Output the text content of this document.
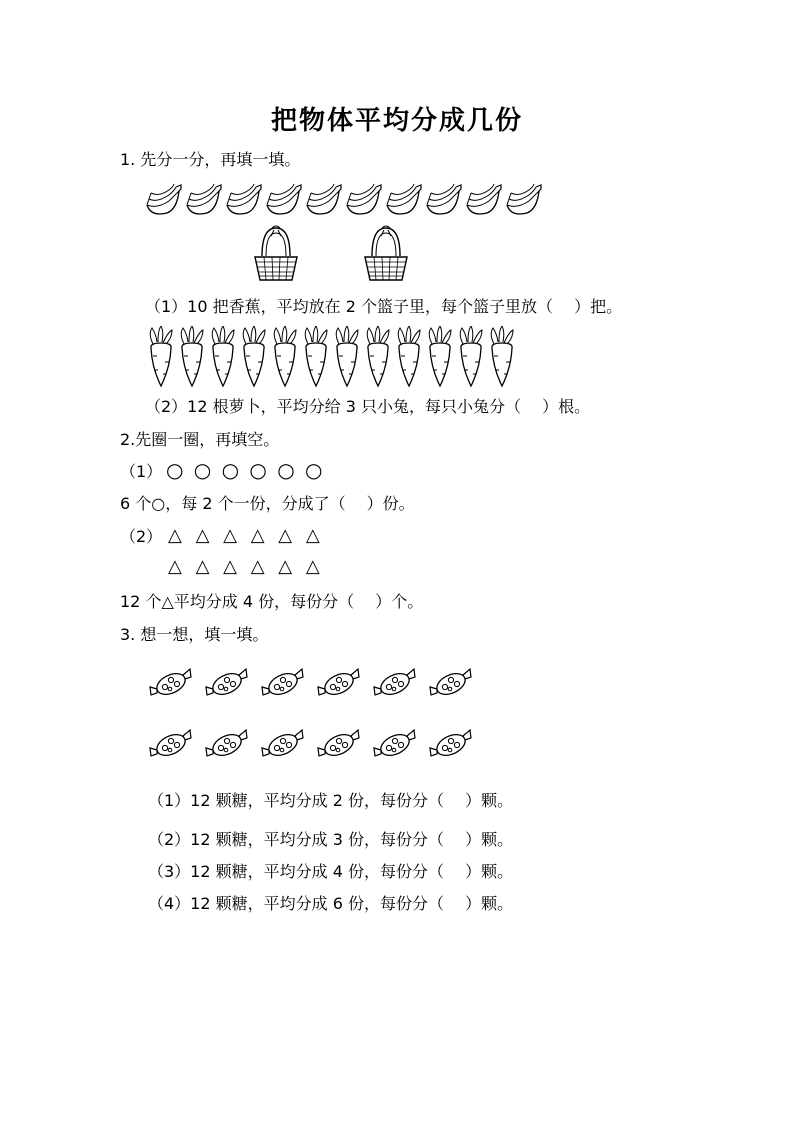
把物体平均分成几份
1. 先分一分，再填一填。
（1）10 把香蕉，平均放在 2 个篮子里，每个篮子里放（　 ）把。
（2）12 根萝卜，平均分给 3 只小兔，每只小兔分（　 ）根。
2.先圈一圈，再填空。
（1） ○ ○ ○ ○ ○ ○
6 个○，每 2 个一份，分成了（　 ）份。
（2） △ △ △ △ △ △
△ △ △ △ △ △
12 个△平均分成 4 份，每份分（　 ）个。
3. 想一想，填一填。
（1）12 颗糖，平均分成 2 份，每份分（　 ）颗。
（2）12 颗糖，平均分成 3 份，每份分（　 ）颗。
（3）12 颗糖，平均分成 4 份，每份分（　 ）颗。
（4）12 颗糖，平均分成 6 份，每份分（　 ）颗。
